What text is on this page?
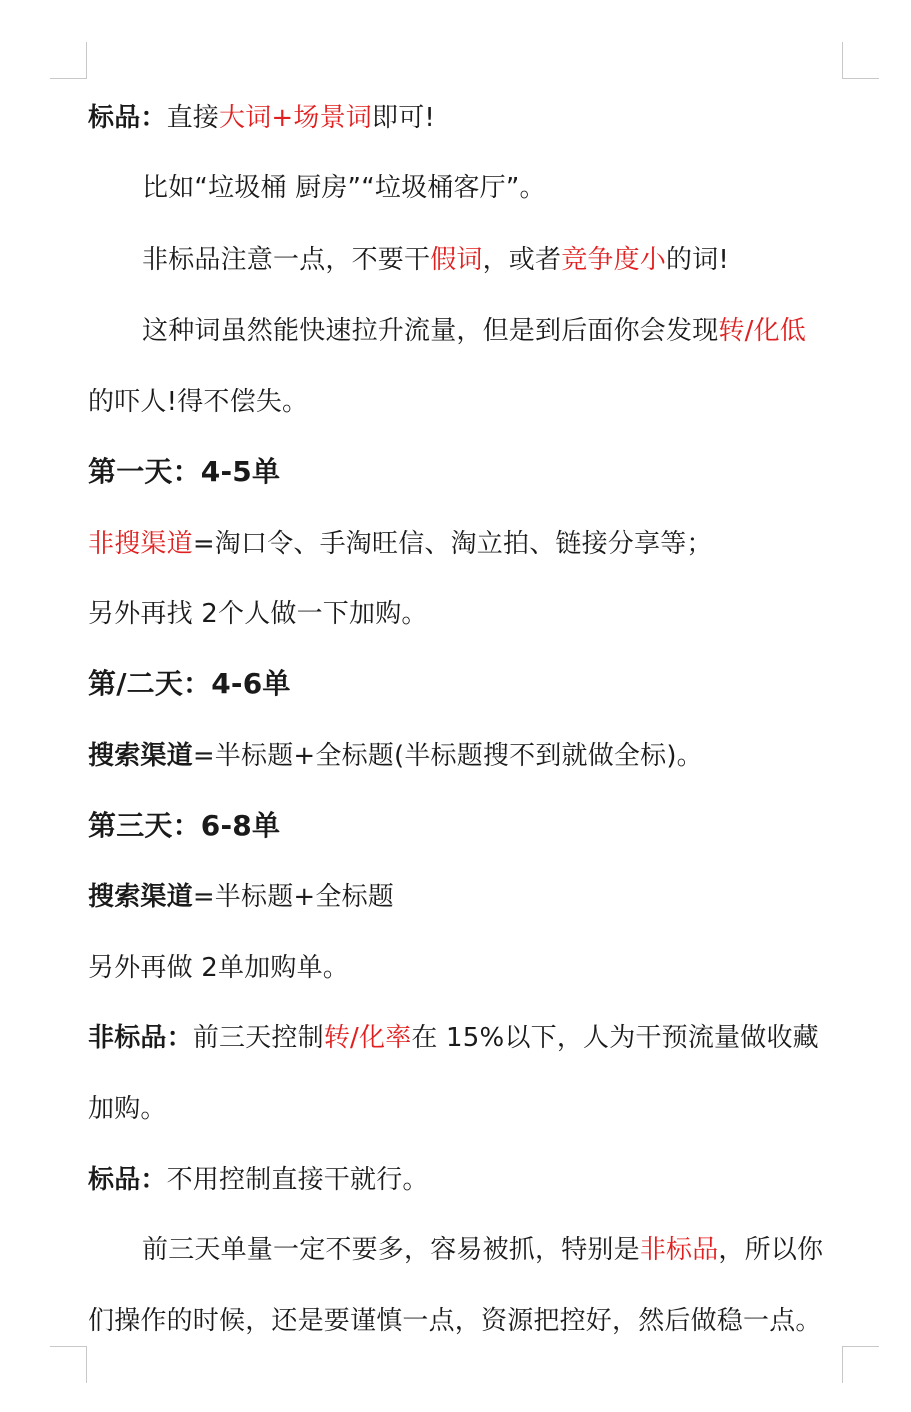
标品：直接大词+场景词即可!
比如“垃圾桶 厨房”“垃圾桶客厅”。
非标品注意一点，不要干假词，或者竞争度小的词!
这种词虽然能快速拉升流量，但是到后面你会发现转/化低
的吓人!得不偿失。
第一天：4-5单
非搜渠道=淘口令、手淘旺信、淘立拍、链接分享等；
另外再找 2个人做一下加购。
第/二天：4-6单
搜索渠道=半标题+全标题(半标题搜不到就做全标)。
第三天：6-8单
搜索渠道=半标题+全标题
另外再做 2单加购单。
非标品：前三天控制转/化率在 15%以下，人为干预流量做收藏
加购。
标品：不用控制直接干就行。
前三天单量一定不要多，容易被抓，特别是非标品，所以你
们操作的时候，还是要谨慎一点，资源把控好，然后做稳一点。
